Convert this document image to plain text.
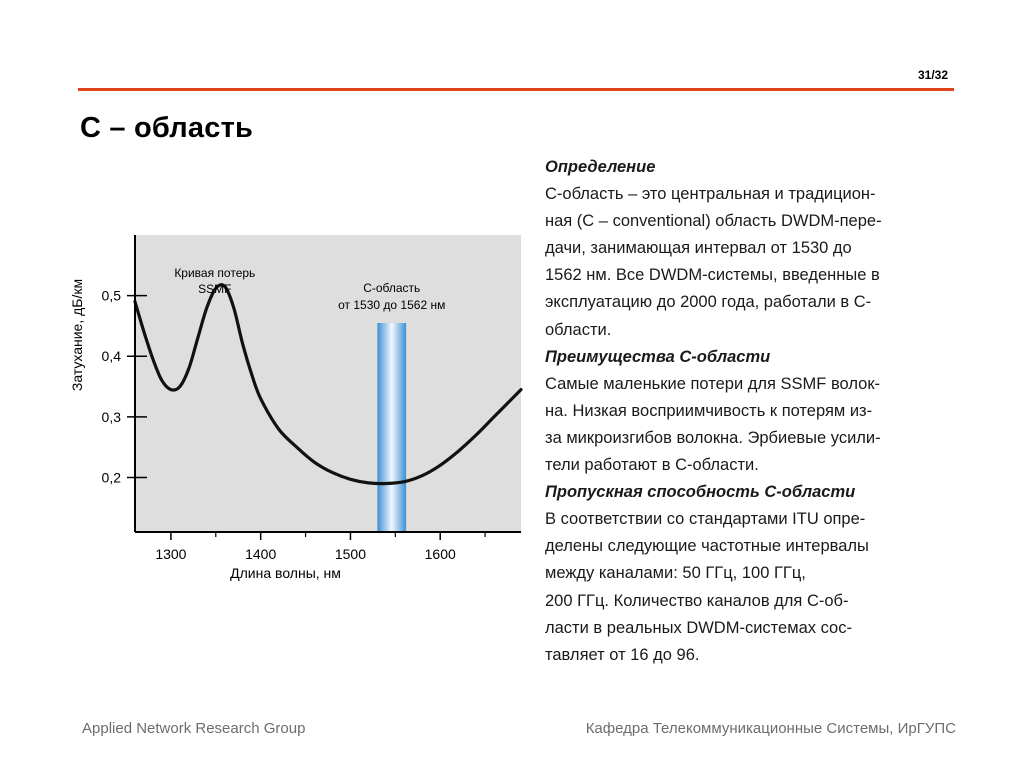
31/32
С – область
1300	1400	1500	1600
0,2
0,3
0,4
0,5	С-область
от 1530 до 1562 нм
Кривая потерь
SSMF
Длина волны, нм
Затухание, дБ/км
Определение
С-область – это центральная и традицион-
ная (C – conventional) область DWDM-пере-
дачи, занимающая интервал от 1530 до
1562 нм. Все DWDM-системы, введенные в
эксплуатацию до 2000 года, работали в С-
области.
Преимущества С-области
Самые маленькие потери для SSMF волок-
на. Низкая восприимчивость к потерям из-
за микроизгибов волокна. Эрбиевые усили-
тели работают в С-области.
Пропускная способность С-области
В соответствии со стандартами ITU опре-
делены следующие частотные интервалы
между каналами: 50 ГГц, 100 ГГц,
200 ГГц. Количество каналов для С-об-
ласти в реальных DWDM-системах сос-
тавляет от 16 до 96.
Applied Network Research Group	Кафедра Телекоммуникационные Системы, ИрГУПС
